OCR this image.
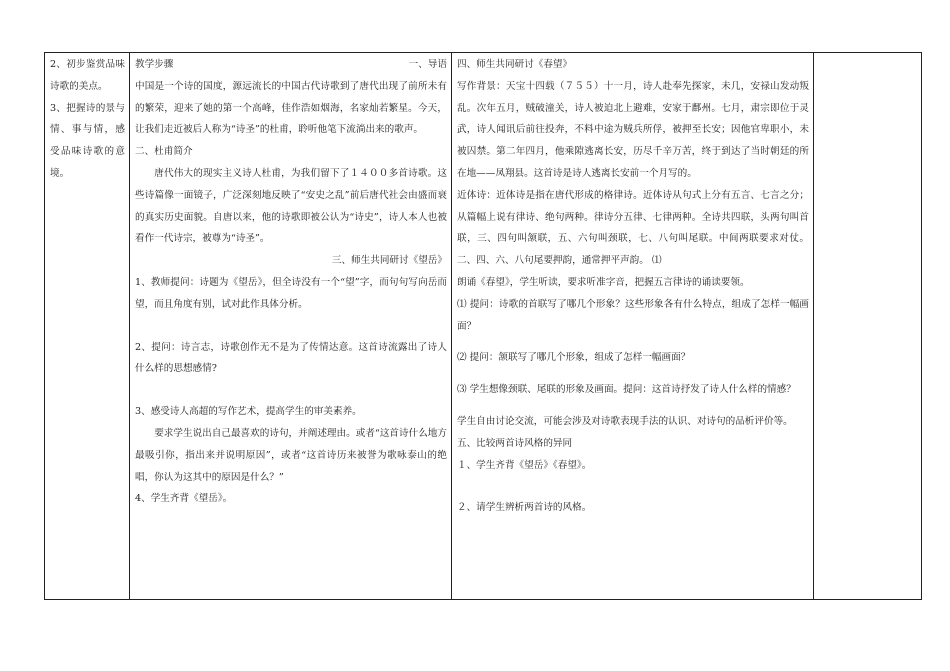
2、初步鉴赏品味诗歌的美点。

3、把握诗的景与情、事与情，感受品味诗歌的意境。

教学步骤	一、导语

中国是一个诗的国度，源远流长的中国古代诗歌到了唐代出现了前所未有的繁荣，迎来了她的第一个高峰，佳作浩如烟海，名家灿若繁星。今天，让我们走近被后人称为“诗圣”的杜甫，聆听他笔下流淌出来的歌声。

二、杜甫简介

唐代伟大的现实主义诗人杜甫，为我们留下了１４００多首诗歌。这些诗篇像一面镜子，广泛深刻地反映了“安史之乱”前后唐代社会由盛而衰的真实历史面貌。自唐以来，他的诗歌即被公认为“诗史”，诗人本人也被看作一代诗宗，被尊为“诗圣”。

三、师生共同研讨《望岳》

1、教师提问：诗题为《望岳》，但全诗没有一个“望”字，而句句写向岳而望，而且角度有别，试对此作具体分析。

2、提问：诗言志，诗歌创作无不是为了传情达意。这首诗流露出了诗人什么样的思想感情?

3、感受诗人高超的写作艺术，提高学生的审美素养。

要求学生说出自己最喜欢的诗句，并阐述理由。或者“这首诗什么地方最吸引你，指出来并说明原因”，或者“这首诗历来被誉为歌咏泰山的绝唱，你认为这其中的原因是什么？”

4、学生齐背《望岳》。

四、师生共同研讨《春望》

写作背景：天宝十四载（７５５）十一月，诗人赴奉先探家，未几，安禄山发动叛乱。次年五月，贼破潼关，诗人被迫北上避难，安家于鄜州。七月，肃宗即位于灵武，诗人闻讯后前往投奔，不料中途为贼兵所俘，被押至长安；因他官卑职小，未被囚禁。第二年四月，他乘隙逃离长安，历尽千辛万苦，终于到达了当时朝廷的所在地——凤翔县。这首诗是诗人逃离长安前一个月写的。

近体诗：近体诗是指在唐代形成的格律诗。近体诗从句式上分有五言、七言之分；从篇幅上说有律诗、绝句两种。律诗分五律、七律两种。全诗共四联，头两句叫首联，三、四句叫颔联，五、六句叫颈联，七、八句叫尾联。中间两联要求对仗。二、四、六、八句尾要押韵，通常押平声韵。 ⑴

朗诵《春望》，学生听读，要求听准字音，把握五言律诗的诵读要领。

⑴ 提问：诗歌的首联写了哪几个形象？这些形象各有什么特点，组成了怎样一幅画面？

⑵ 提问：颔联写了哪几个形象，组成了怎样一幅画面？

⑶ 学生想像颈联、尾联的形象及画面。提问：这首诗抒发了诗人什么样的情感？

学生自由讨论交流，可能会涉及对诗歌表现手法的认识、对诗句的品析评价等。

五、比较两首诗风格的异同

１、学生齐背《望岳》《春望》。

２、请学生辨析两首诗的风格。
